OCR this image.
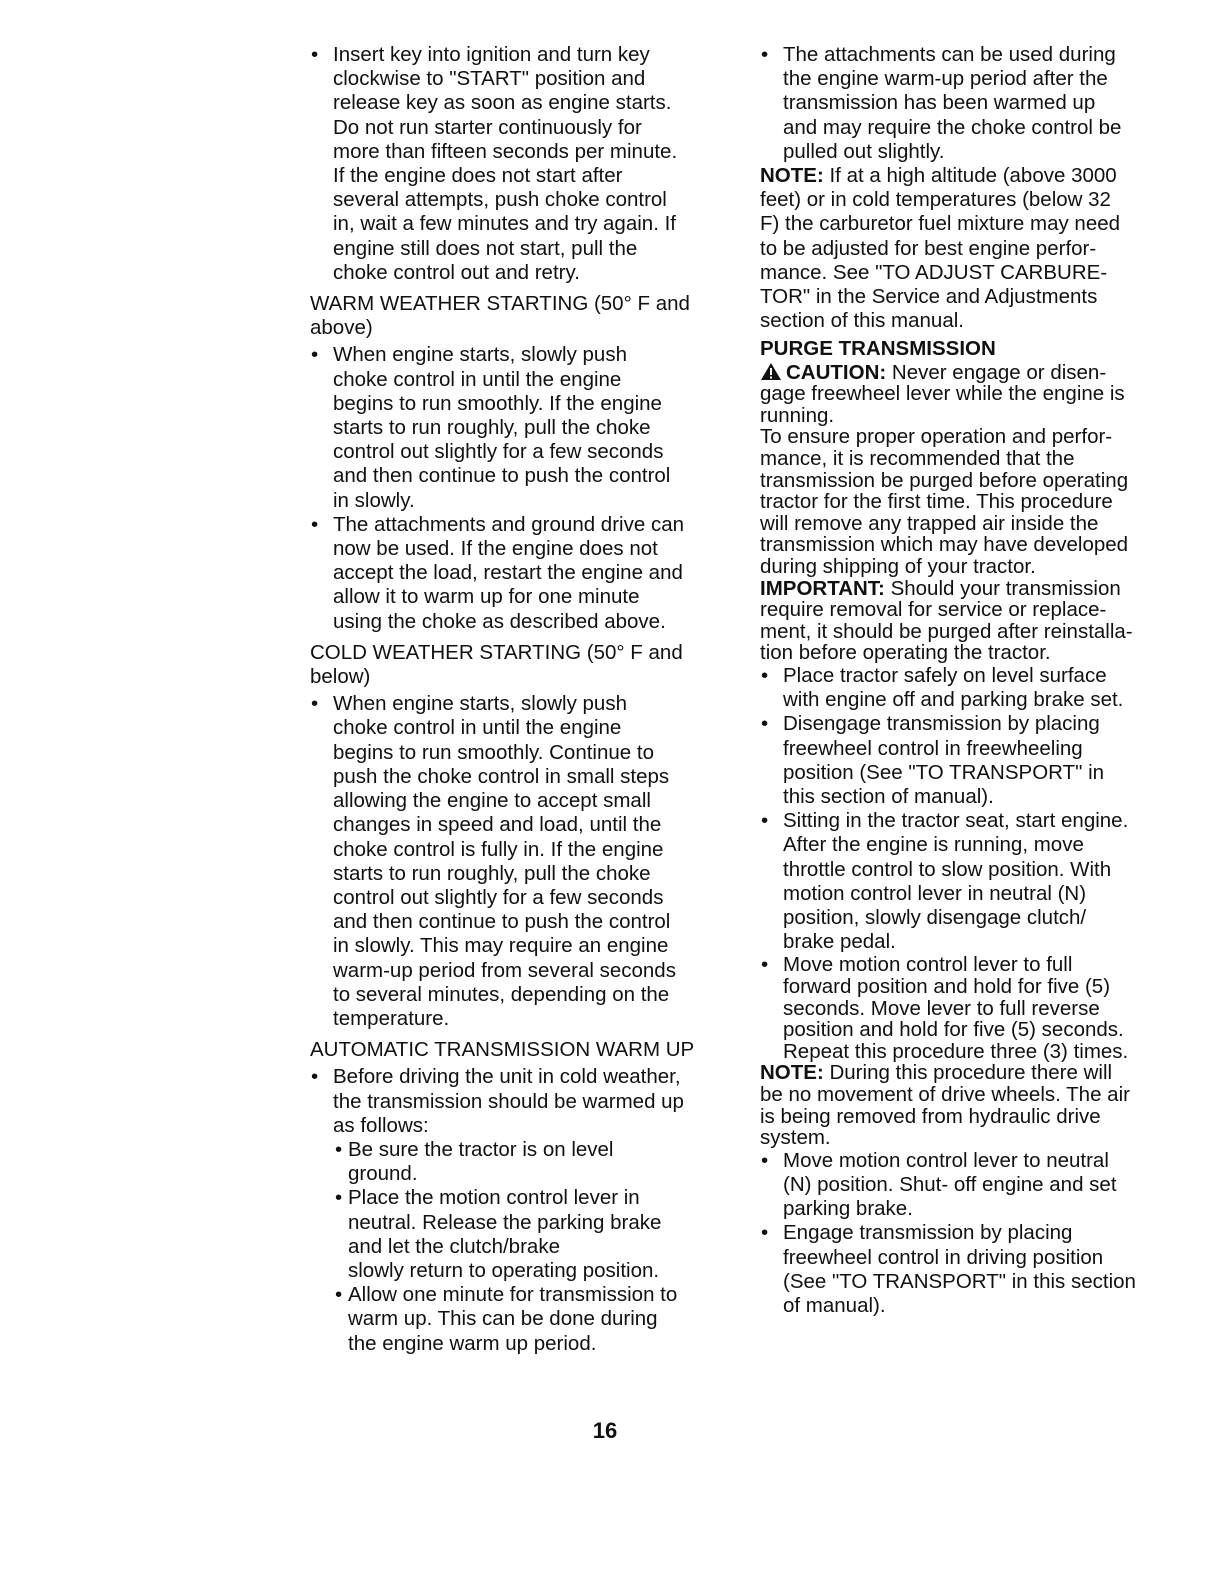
• Insert key into ignition and turn key
clockwise to "START" position and
release key as soon as engine starts.
Do not run starter continuously for
more than fifteen seconds per minute.
If the engine does not start after
several attempts, push choke control
in, wait a few minutes and try again. If
engine still does not start, pull the
choke control out and retry.
WARM WEATHER STARTING (50° F and
above)
• When engine starts, slowly push
choke control in until the engine
begins to run smoothly. If the engine
starts to run roughly, pull the choke
control out slightly for a few seconds
and then continue to push the control
in slowly.
• The attachments and ground drive can
now be used. If the engine does not
accept the load, restart the engine and
allow it to warm up for one minute
using the choke as described above.
COLD WEATHER STARTING (50° F and
below)
• When engine starts, slowly push
choke control in until the engine
begins to run smoothly. Continue to
push the choke control in small steps
allowing the engine to accept small
changes in speed and load, until the
choke control is fully in. If the engine
starts to run roughly, pull the choke
control out slightly for a few seconds
and then continue to push the control
in slowly. This may require an engine
warm-up period from several seconds
to several minutes, depending on the
temperature.
AUTOMATIC TRANSMISSION WARM UP
• Before driving the unit in cold weather,
the transmission should be warmed up
as follows:
• Be sure the tractor is on level
ground.
• Place the motion control lever in
neutral. Release the parking brake
and let the clutch/brake
slowly return to operating position.
• Allow one minute for transmission to
warm up. This can be done during
the engine warm up period.
• The attachments can be used during
the engine warm-up period after the
transmission has been warmed up
and may require the choke control be
pulled out slightly.
NOTE: If at a high altitude (above 3000
feet) or in cold temperatures (below 32
F) the carburetor fuel mixture may need
to be adjusted for best engine perfor-
mance. See "TO ADJUST CARBURE-
TOR" in the Service and Adjustments
section of this manual.
PURGE TRANSMISSION
CAUTION: Never engage or disen-
gage freewheel lever while the engine is
running.
To ensure proper operation and perfor-
mance, it is recommended that the
transmission be purged before operating
tractor for the first time. This procedure
will remove any trapped air inside the
transmission which may have developed
during shipping of your tractor.
IMPORTANT: Should your transmission
require removal for service or replace-
ment, it should be purged after reinstalla-
tion before operating the tractor.
• Place tractor safely on level surface
with engine off and parking brake set.
• Disengage transmission by placing
freewheel control in freewheeling
position (See "TO TRANSPORT" in
this section of manual).
• Sitting in the tractor seat, start engine.
After the engine is running, move
throttle control to slow position. With
motion control lever in neutral (N)
position, slowly disengage clutch/
brake pedal.
• Move motion control lever to full
forward position and hold for five (5)
seconds. Move lever to full reverse
position and hold for five (5) seconds.
Repeat this procedure three (3) times.
NOTE: During this procedure there will
be no movement of drive wheels. The air
is being removed from hydraulic drive
system.
• Move motion control lever to neutral
(N) position. Shut- off engine and set
parking brake.
• Engage transmission by placing
freewheel control in driving position
(See "TO TRANSPORT" in this section
of manual).
16
